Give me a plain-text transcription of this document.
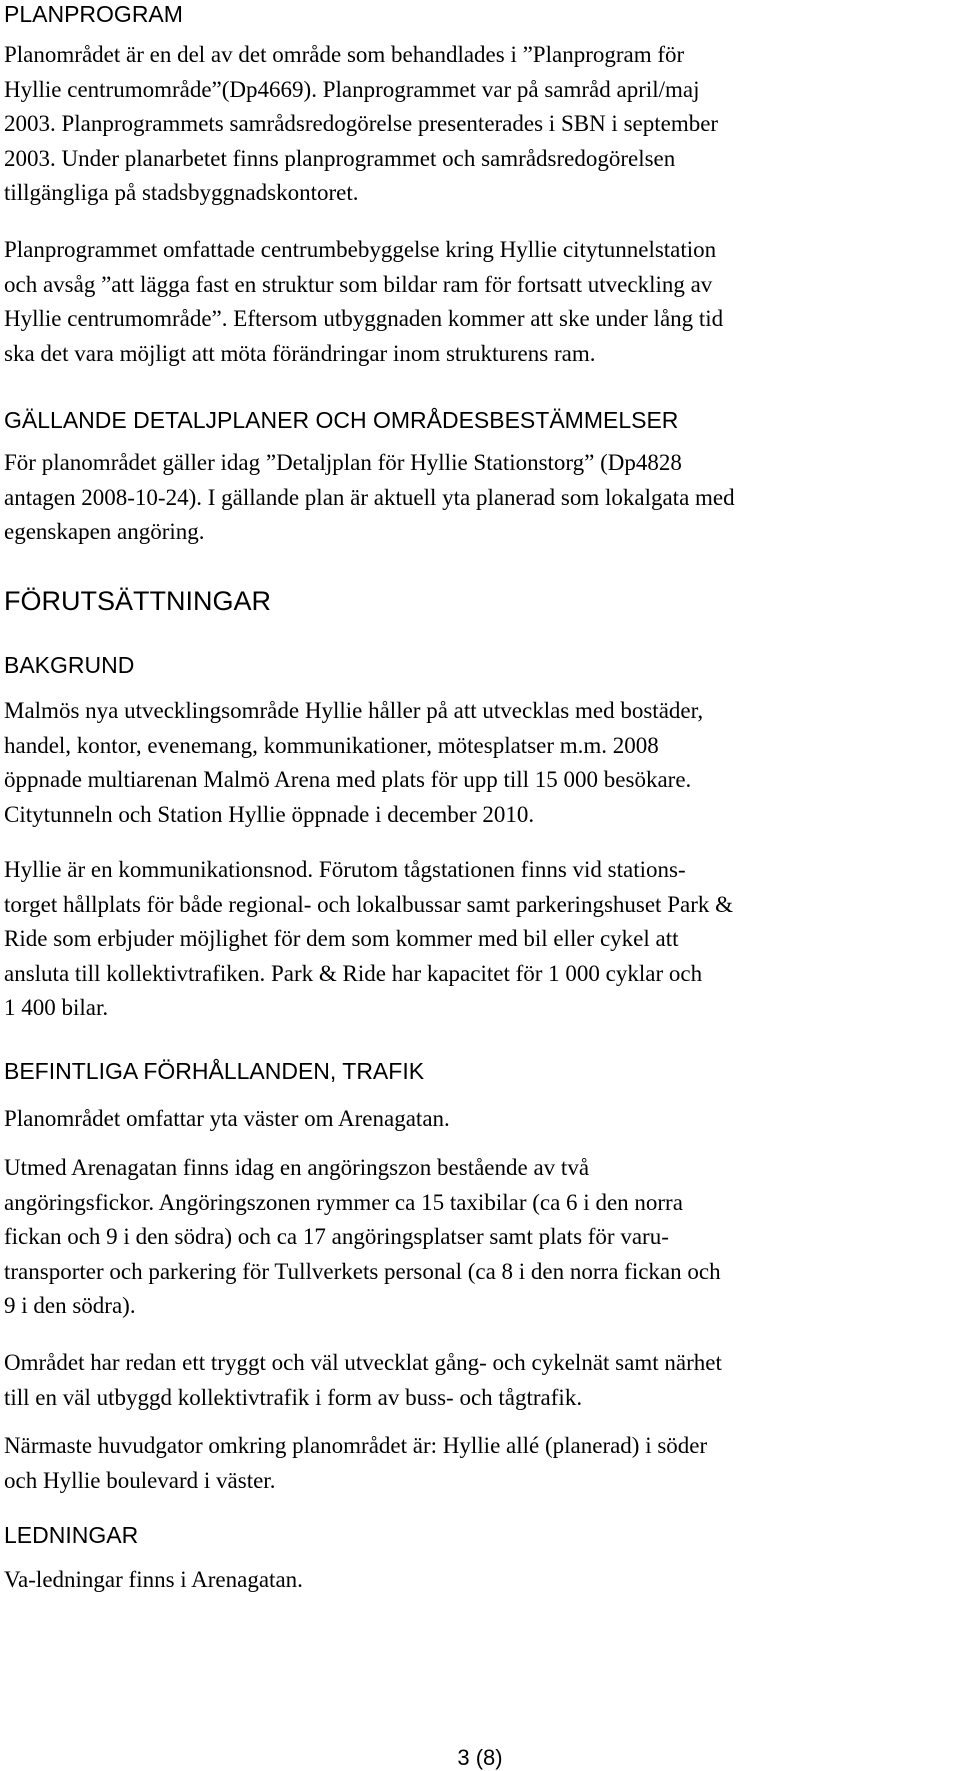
PLANPROGRAM
Planområdet är en del av det område som behandlades i ”Planprogram för
Hyllie centrumområde”(Dp4669). Planprogrammet var på samråd april/maj
2003. Planprogrammets samrådsredogörelse presenterades i SBN i september
2003. Under planarbetet finns planprogrammet och samrådsredogörelsen
tillgängliga på stadsbyggnadskontoret.
Planprogrammet omfattade centrumbebyggelse kring Hyllie citytunnelstation
och avsåg ”att lägga fast en struktur som bildar ram för fortsatt utveckling av
Hyllie centrumområde”. Eftersom utbyggnaden kommer att ske under lång tid
ska det vara möjligt att möta förändringar inom strukturens ram.
GÄLLANDE DETALJPLANER OCH OMRÅDESBESTÄMMELSER
För planområdet gäller idag ”Detaljplan för Hyllie Stationstorg” (Dp4828
antagen 2008-10-24). I gällande plan är aktuell yta planerad som lokalgata med
egenskapen angöring.
FÖRUTSÄTTNINGAR
BAKGRUND
Malmös nya utvecklingsområde Hyllie håller på att utvecklas med bostäder,
handel, kontor, evenemang, kommunikationer, mötesplatser m.m. 2008
öppnade multiarenan Malmö Arena med plats för upp till 15 000 besökare.
Citytunneln och Station Hyllie öppnade i december 2010.
Hyllie är en kommunikationsnod. Förutom tågstationen finns vid stations-
torget hållplats för både regional- och lokalbussar samt parkeringshuset Park &
Ride som erbjuder möjlighet för dem som kommer med bil eller cykel att
ansluta till kollektivtrafiken. Park & Ride har kapacitet för 1 000 cyklar och
1 400 bilar.
BEFINTLIGA FÖRHÅLLANDEN, TRAFIK
Planområdet omfattar yta väster om Arenagatan.
Utmed Arenagatan finns idag en angöringszon bestående av två
angöringsfickor. Angöringszonen rymmer ca 15 taxibilar (ca 6 i den norra
fickan och 9 i den södra) och ca 17 angöringsplatser samt plats för varu-
transporter och parkering för Tullverkets personal (ca 8 i den norra fickan och
9 i den södra).
Området har redan ett tryggt och väl utvecklat gång- och cykelnät samt närhet
till en väl utbyggd kollektivtrafik i form av buss- och tågtrafik.
Närmaste huvudgator omkring planområdet är: Hyllie allé (planerad) i söder
och Hyllie boulevard i väster.
LEDNINGAR
Va-ledningar finns i Arenagatan.
3 (8)
